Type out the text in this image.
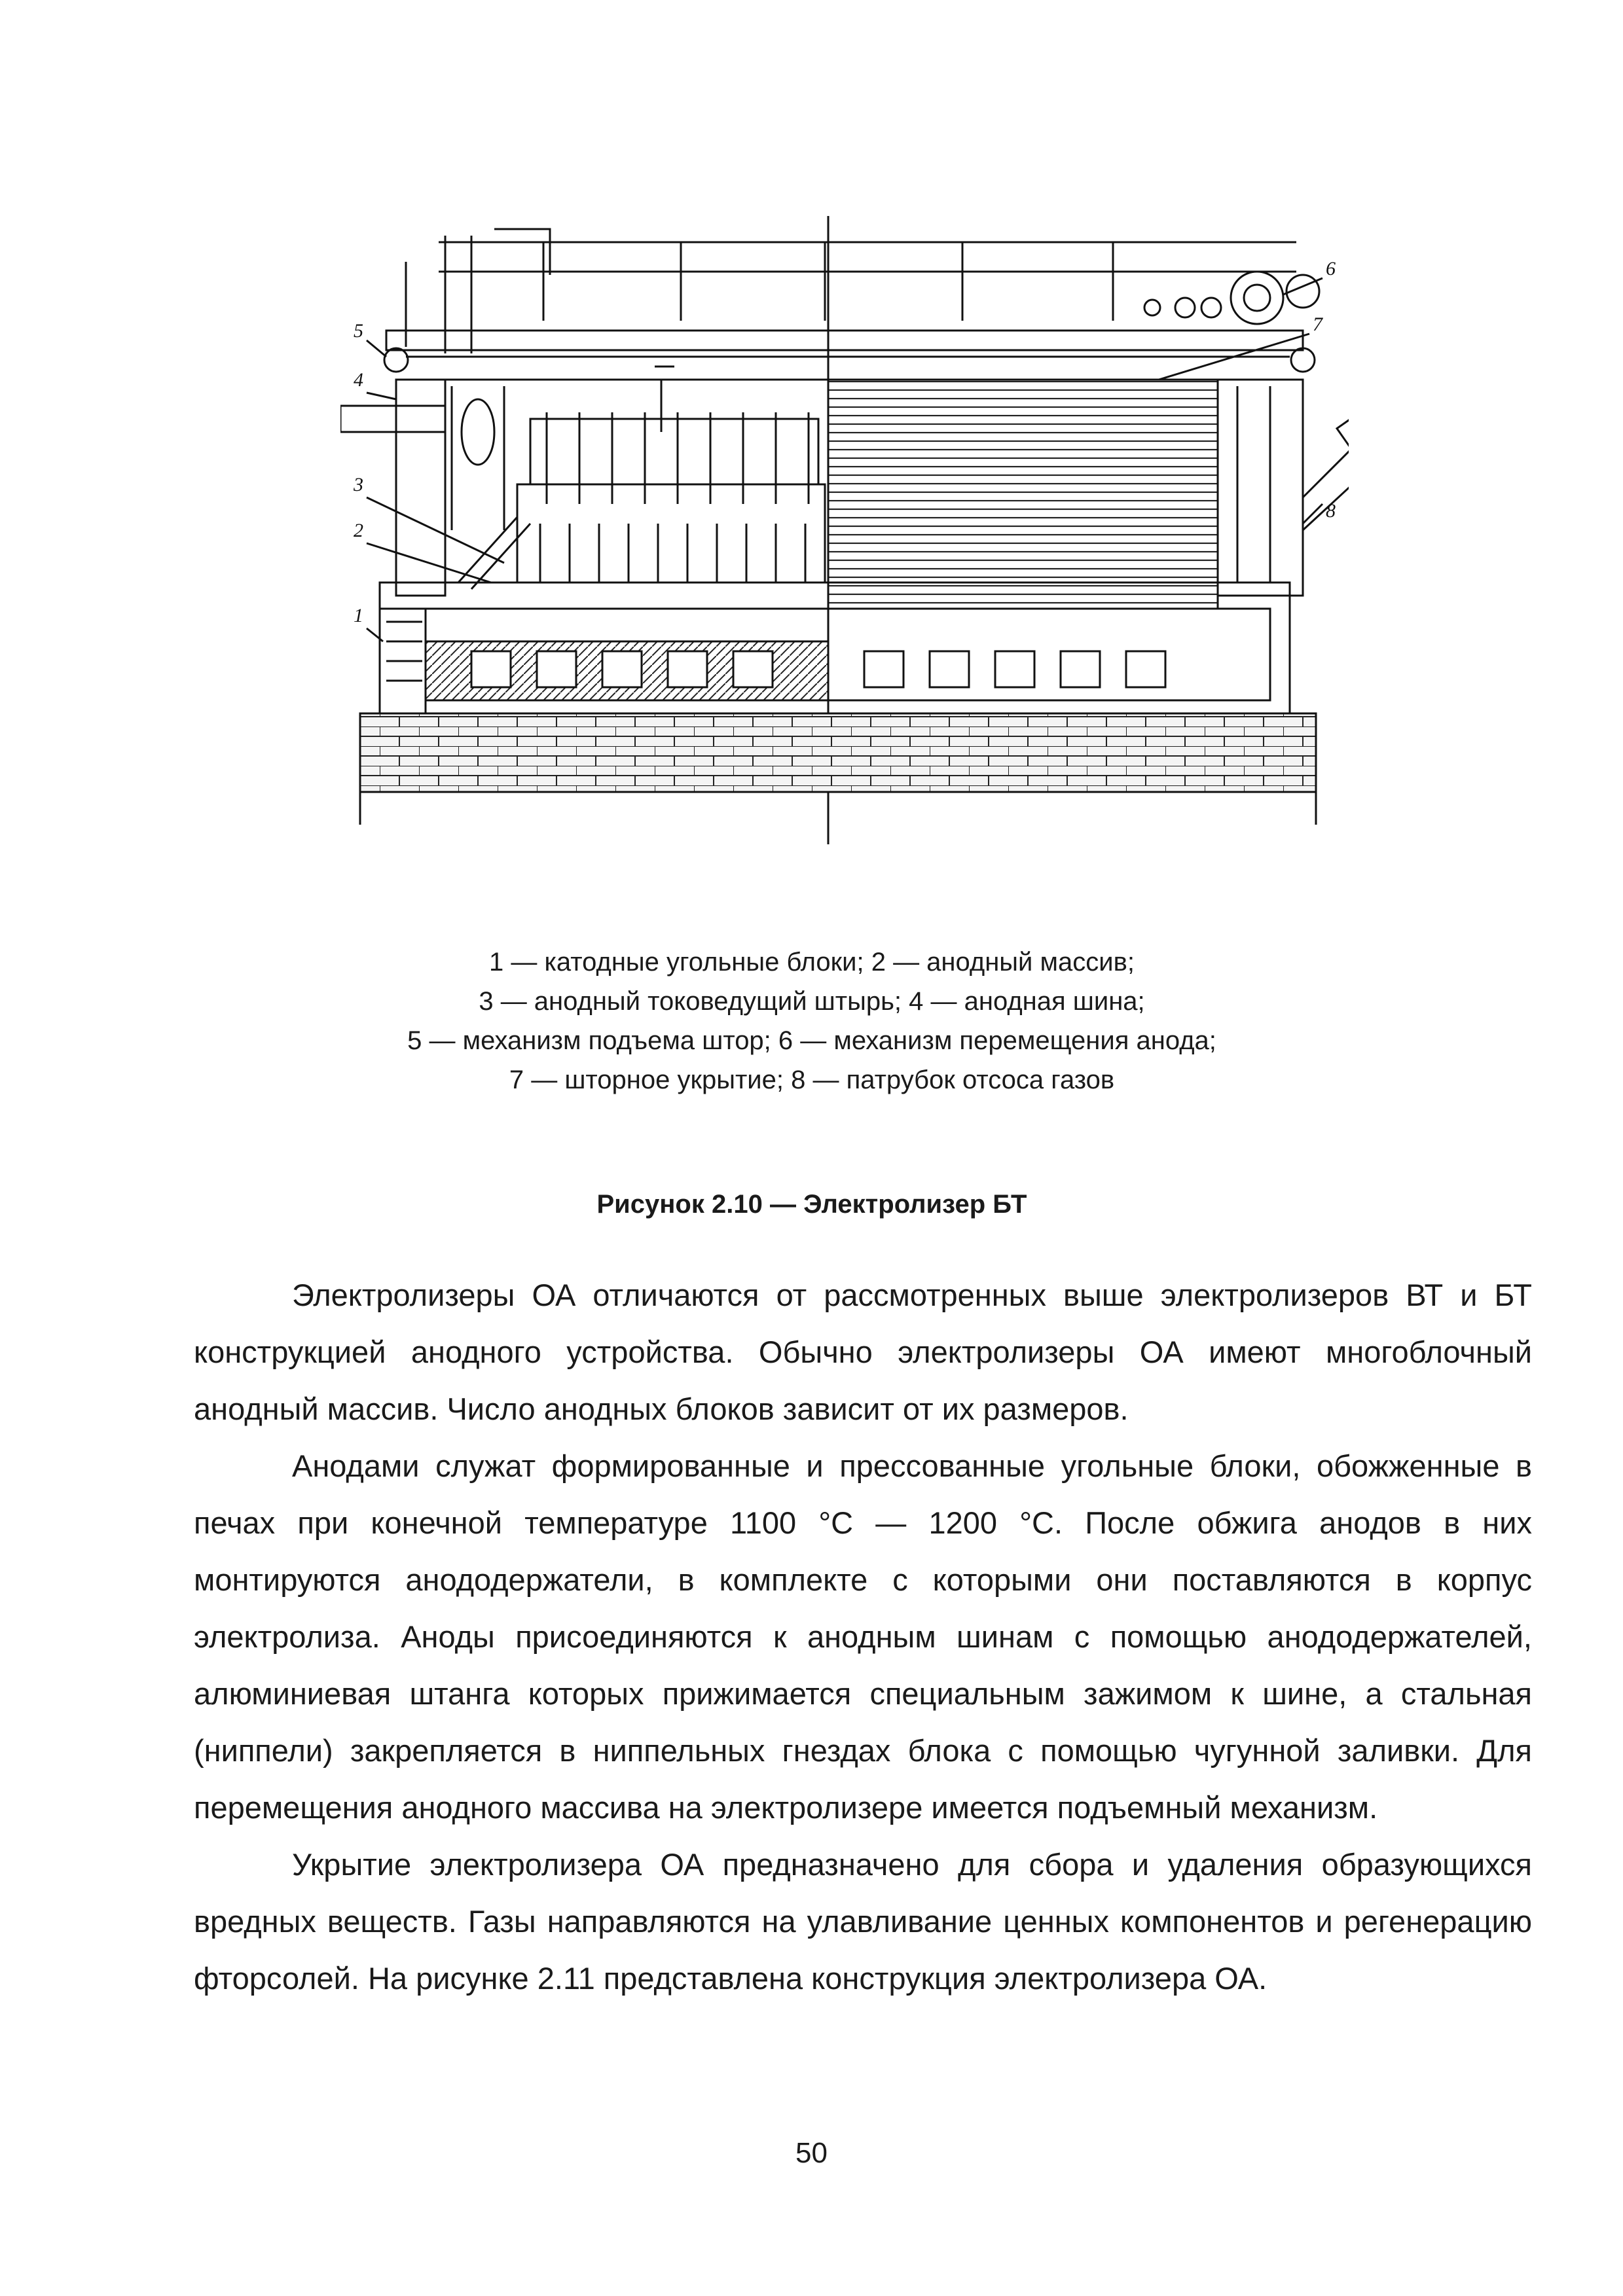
5
4
3
2
1
6
7
8
1 — катодные угольные блоки; 2 — анодный массив;
3 — анодный токоведущий штырь; 4 — анодная шина;
5 — механизм подъема штор; 6 — механизм перемещения анода;
7 — шторное укрытие; 8 — патрубок отсоса газов
Рисунок 2.10 — Электролизер БТ

Электролизеры ОА отличаются от рассмотренных выше электролизеров ВТ и БТ конструкцией анодного устройства. Обычно электролизеры ОА имеют многоблочный анодный массив. Число анодных блоков зависит от их размеров.

Анодами служат формированные и прессованные угольные блоки, обожженные в печах при конечной температуре 1100 °С — 1200 °С. После обжига анодов в них монтируются анододержатели, в комплекте с которыми они поставляются в корпус электролиза. Аноды присоединяются к анодным шинам с помощью анододержателей, алюминиевая штанга которых прижимается специальным зажимом к шине, а стальная (ниппели) закрепляется в ниппельных гнездах блока с помощью чугунной заливки. Для перемещения анодного массива на электролизере имеется подъемный механизм.

Укрытие электролизера ОА предназначено для сбора и удаления образующихся вредных веществ. Газы направляются на улавливание ценных компонентов и регенерацию фторсолей. На рисунке 2.11 представлена конструкция электролизера ОА.

50
